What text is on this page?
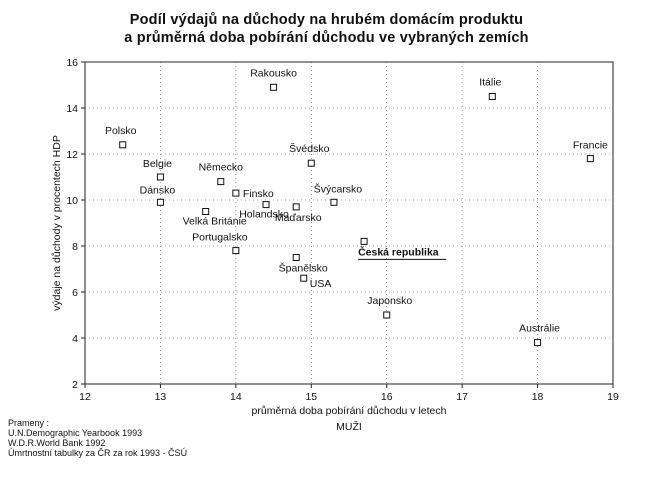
Podíl výdajů na důchody na hrubém domácím produktu
a průměrná doba pobírání důchodu ve vybraných zemích
12	13	14	15	16	17	18	19
2
4
6
8
10
12
14
16
Rakousko
Itálie
Polsko
Francie
Švédsko
Belgie	Německo
Finsko
Dánsko	Švýcarsko
Holandsko
Maďarsko
Velká Británie
Česká republika
Portugalsko
Španělsko
USA
Japonsko
Austrálie
průměrná doba pobírání důchodu v letech
MUŽI
výdaje na důchody v procentech HDP
Prameny :
U.N.Demographic Yearbook 1993
W.D.R.World Bank 1992
Úmrtnostní tabulky za ČR za rok 1993 - ČSÚ
